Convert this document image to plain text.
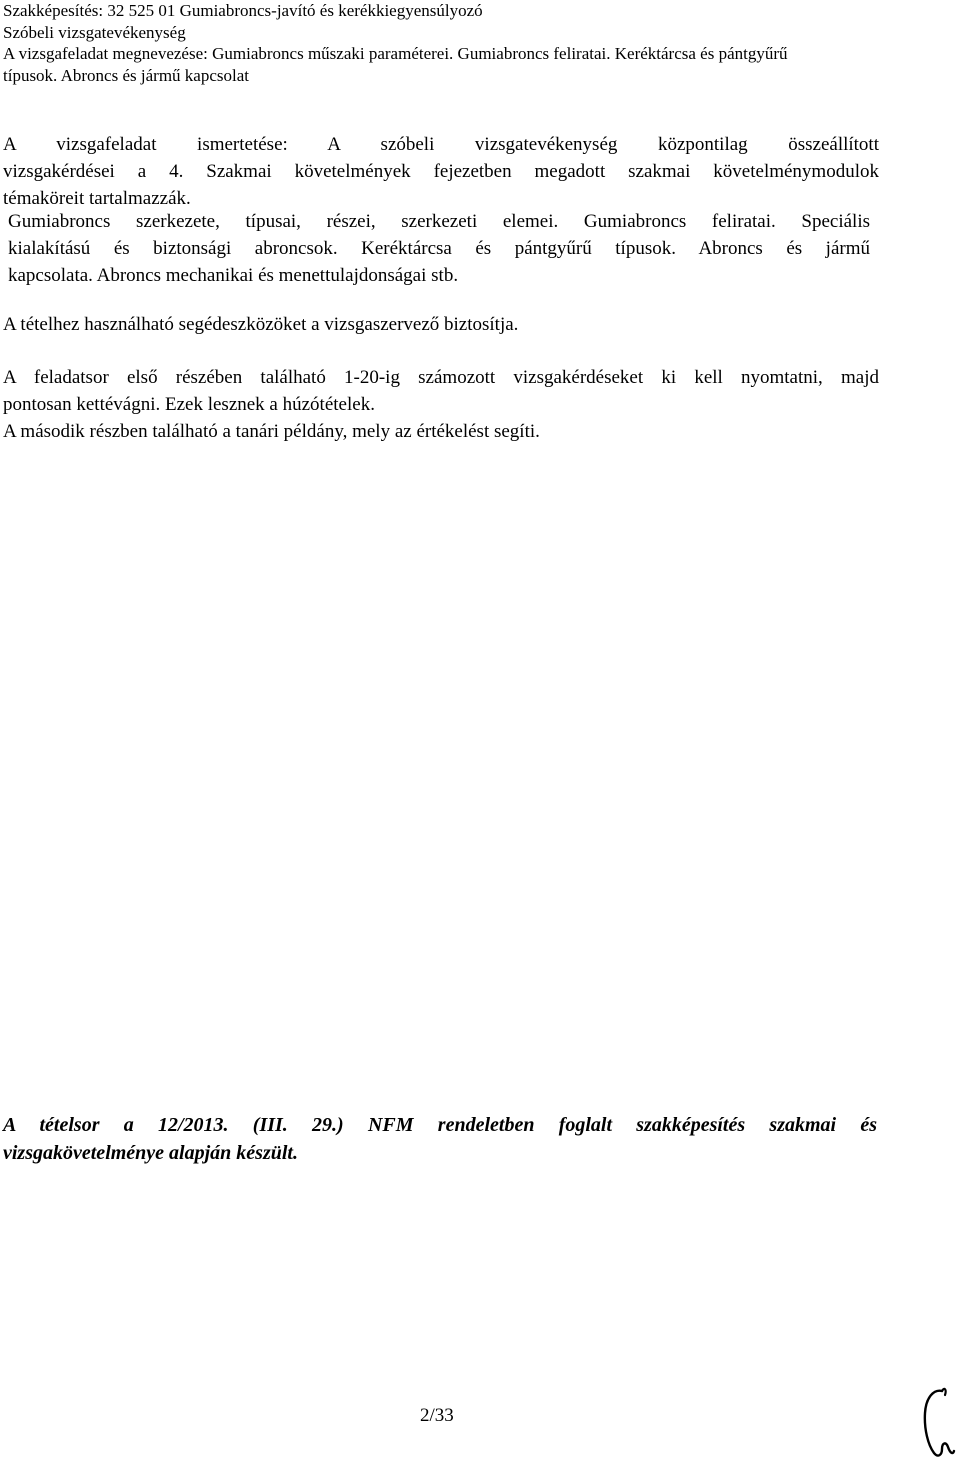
Szakképesítés: 32 525 01 Gumiabroncs-javító és kerékkiegyensúlyozó
Szóbeli vizsgatevékenység
A vizsgafeladat megnevezése: Gumiabroncs műszaki paraméterei. Gumiabroncs feliratai. Keréktárcsa és pántgyűrű
típusok. Abroncs és jármű kapcsolat
A vizsgafeladat ismertetése: A szóbeli vizsgatevékenység központilag összeállított
vizsgakérdései a 4. Szakmai követelmények fejezetben megadott szakmai követelménymodulok
témaköreit tartalmazzák.
Gumiabroncs szerkezete, típusai, részei, szerkezeti elemei. Gumiabroncs feliratai. Speciális
kialakítású és biztonsági abroncsok. Keréktárcsa és pántgyűrű típusok. Abroncs és jármű
kapcsolata. Abroncs mechanikai és menettulajdonságai stb.
A tételhez használható segédeszközöket a vizsgaszervező biztosítja.
A feladatsor első részében található 1-20-ig számozott vizsgakérdéseket ki kell nyomtatni, majd
pontosan kettévágni. Ezek lesznek a húzótételek.
A második részben található a tanári példány, mely az értékelést segíti.
A tételsor a 12/2013. (III. 29.) NFM rendeletben foglalt szakképesítés szakmai és
vizsgakövetelménye alapján készült.
2/33
